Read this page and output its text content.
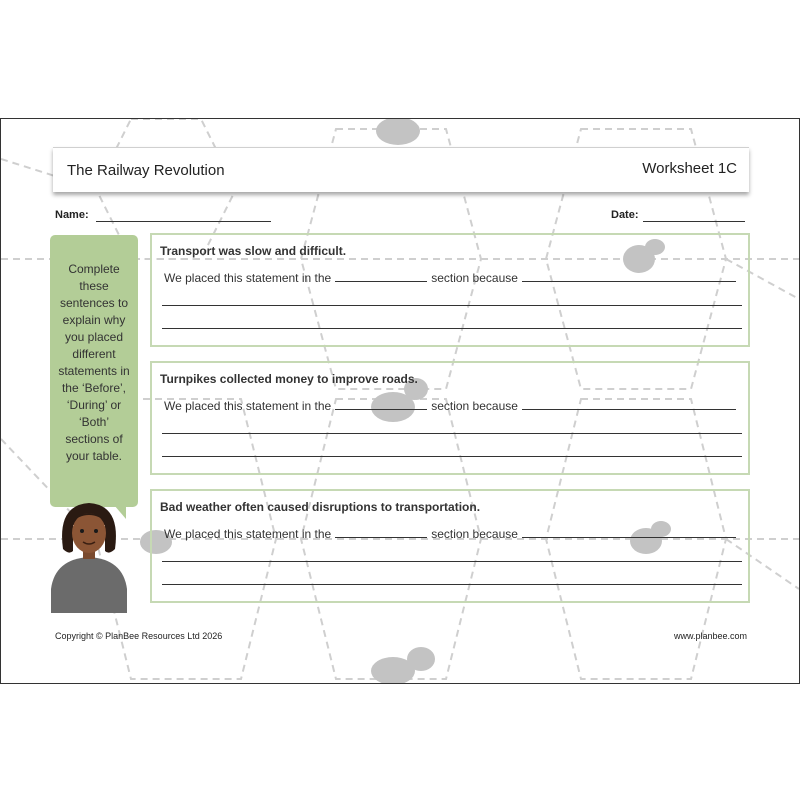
The Railway Revolution	Worksheet 1C
Name:	Date:

Complete these sentences to explain why you placed different statements in the ‘Before’, ‘During’ or ‘Both’ sections of your table.

Transport was slow and difficult.
We placed this statement in the	section because
Turnpikes collected money to improve roads.
We placed this statement in the	section because
Bad weather often caused disruptions to transportation.
We placed this statement in the	section because
Copyright © PlanBee Resources Ltd 2026	www.planbee.com
